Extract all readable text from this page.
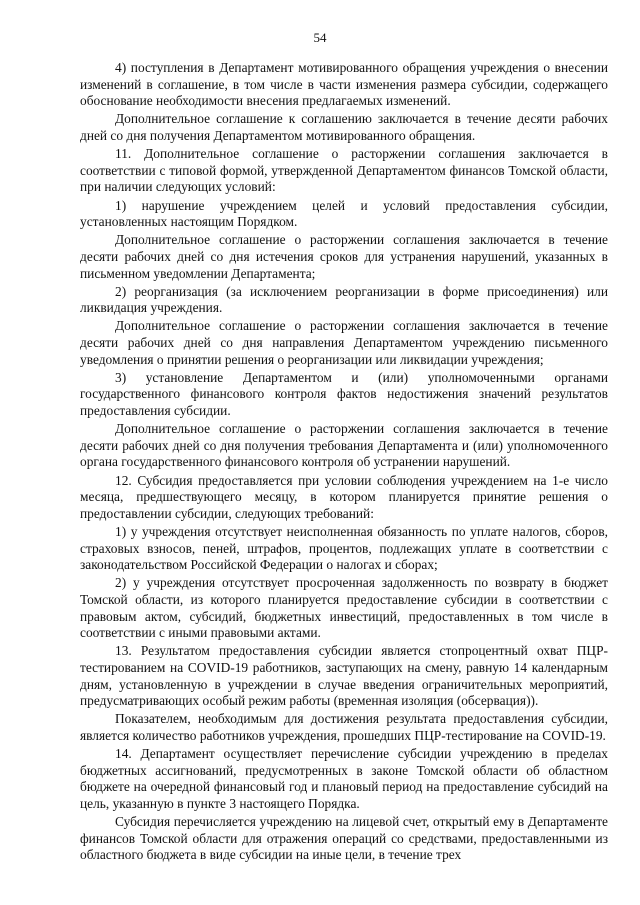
54

4) поступления в Департамент мотивированного обращения учреждения о внесении изменений в соглашение, в том числе в части изменения размера субсидии, содержащего обоснование необходимости внесения предлагаемых изменений.

Дополнительное соглашение к соглашению заключается в течение десяти рабочих дней со дня получения Департаментом мотивированного обращения.

11. Дополнительное соглашение о расторжении соглашения заключается в соответствии с типовой формой, утвержденной Департаментом финансов Томской области, при наличии следующих условий:

1) нарушение учреждением целей и условий предоставления субсидии, установленных настоящим Порядком.

Дополнительное соглашение о расторжении соглашения заключается в течение десяти рабочих дней со дня истечения сроков для устранения нарушений, указанных в письменном уведомлении Департамента;

2) реорганизация (за исключением реорганизации в форме присоединения) или ликвидация учреждения.

Дополнительное соглашение о расторжении соглашения заключается в течение десяти рабочих дней со дня направления Департаментом учреждению письменного уведомления о принятии решения о реорганизации или ликвидации учреждения;

3) установление Департаментом и (или) уполномоченными органами государственного финансового контроля фактов недостижения значений результатов предоставления субсидии.

Дополнительное соглашение о расторжении соглашения заключается в течение десяти рабочих дней со дня получения требования Департамента и (или) уполномоченного органа государственного финансового контроля об устранении нарушений.

12. Субсидия предоставляется при условии соблюдения учреждением на 1-е число месяца, предшествующего месяцу, в котором планируется принятие решения о предоставлении субсидии, следующих требований:

1) у учреждения отсутствует неисполненная обязанность по уплате налогов, сборов, страховых взносов, пеней, штрафов, процентов, подлежащих уплате в соответствии с законодательством Российской Федерации о налогах и сборах;

2) у учреждения отсутствует просроченная задолженность по возврату в бюджет Томской области, из которого планируется предоставление субсидии в соответствии с правовым актом, субсидий, бюджетных инвестиций, предоставленных в том числе в соответствии с иными правовыми актами.

13. Результатом предоставления субсидии является стопроцентный охват ПЦР-тестированием на COVID-19 работников, заступающих на смену, равную 14 календарным дням, установленную в учреждении в случае введения ограничительных мероприятий, предусматривающих особый режим работы (временная изоляция (обсервация)).

Показателем, необходимым для достижения результата предоставления субсидии, является количество работников учреждения, прошедших ПЦР-тестирование на COVID-19.

14. Департамент осуществляет перечисление субсидии учреждению в пределах бюджетных ассигнований, предусмотренных в законе Томской области об областном бюджете на очередной финансовый год и плановый период на предоставление субсидий на цель, указанную в пункте 3 настоящего Порядка.

Субсидия перечисляется учреждению на лицевой счет, открытый ему в Департаменте финансов Томской области для отражения операций со средствами, предоставленными из областного бюджета в виде субсидии на иные цели, в течение трех
